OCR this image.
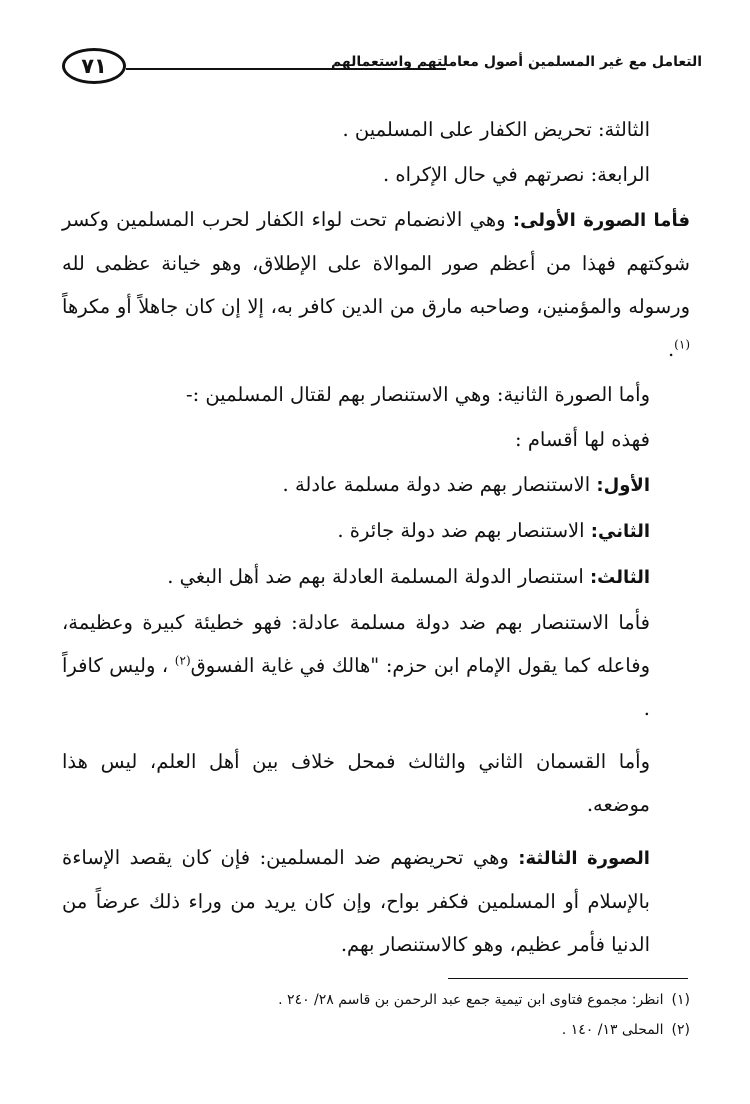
٧١	التعامل مع غير المسلمين أصول معاملتهم واستعمالهم

الثالثة: تحريض الكفار على المسلمين .

الرابعة: نصرتهم في حال الإكراه .

فأما الصورة الأولى: وهي الانضمام تحت لواء الكفار لحرب المسلمين وكسر شوكتهم فهذا من أعظم صور الموالاة على الإطلاق، وهو خيانة عظمى لله ورسوله والمؤمنين، وصاحبه مارق من الدين كافر به، إلا إن كان جاهلاً أو مكرهاً $^{(١)}$.

وأما الصورة الثانية: وهي الاستنصار بهم لقتال المسلمين :-

فهذه لها أقسام :

الأول: الاستنصار بهم ضد دولة مسلمة عادلة .

الثاني: الاستنصار بهم ضد دولة جائرة .

الثالث: استنصار الدولة المسلمة العادلة بهم ضد أهل البغي .

فأما الاستنصار بهم ضد دولة مسلمة عادلة: فهو خطيئة كبيرة وعظيمة، وفاعله كما يقول الإمام ابن حزم: "هالك في غاية الفسوق$^{(٢)}$ ، وليس كافراً .

وأما القسمان الثاني والثالث فمحل خلاف بين أهل العلم، ليس هذا موضعه.

الصورة الثالثة: وهي تحريضهم ضد المسلمين: فإن كان يقصد الإساءة بالإسلام أو المسلمين فكفر بواح، وإن كان يريد من وراء ذلك عرضاً من الدنيا فأمر عظيم، وهو كالاستنصار بهم.

(١)انظر: مجموع فتاوى ابن تيمية جمع عبد الرحمن بن قاسم ٢٨/ ٢٤٠ .
(٢)المحلى ١٣/ ١٤٠ .
